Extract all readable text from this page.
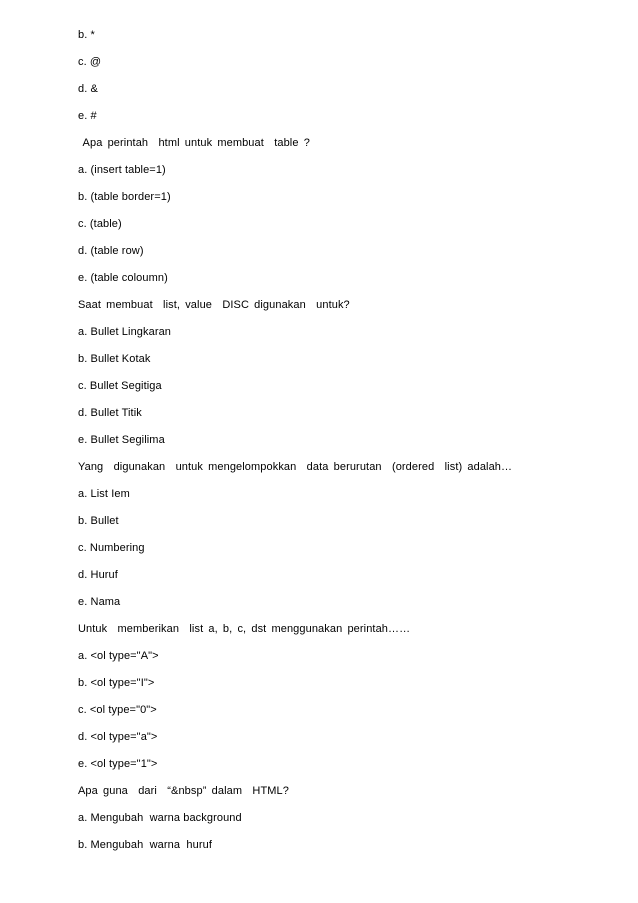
b. *
c. @
d. &
e. #
Apa perintah  html untuk membuat  table ?
a. (insert table=1)
b. (table border=1)
c. (table)
d. (table row)
e. (table coloumn)
Saat membuat  list, value  DISC digunakan  untuk?
a. Bullet Lingkaran
b. Bullet Kotak
c. Bullet Segitiga
d. Bullet Titik
e. Bullet Segilima
Yang  digunakan  untuk mengelompokkan  data berurutan  (ordered  list) adalah…
a. List Iem
b. Bullet
c. Numbering
d. Huruf
e. Nama
Untuk  memberikan  list a, b, c, dst menggunakan perintah……
a. <ol type="A">
b. <ol type="I">
c. <ol type="0">
d. <ol type="a">
e. <ol type="1">
Apa guna  dari  “&nbsp” dalam  HTML?
a. Mengubah  warna background
b. Mengubah  warna  huruf
